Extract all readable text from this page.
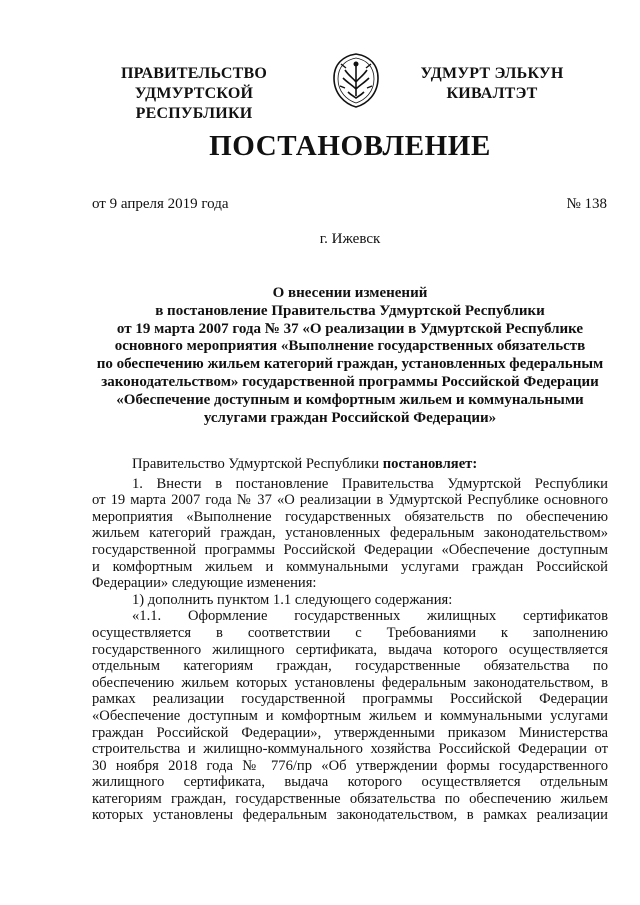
ПРАВИТЕЛЬСТВО
УДМУРТСКОЙ РЕСПУБЛИКИ
УДМУРТ ЭЛЬКУН
КИВАЛТЭТ
ПОСТАНОВЛЕНИЕ
от 9 апреля 2019 года	№ 138
г. Ижевск
О внесении изменений
в постановление Правительства Удмуртской Республики
от 19 марта 2007 года № 37 «О реализации в Удмуртской Республике
основного мероприятия «Выполнение государственных обязательств
по обеспечению жильем категорий граждан, установленных федеральным
законодательством» государственной программы Российской Федерации
«Обеспечение доступным и комфортным жильем и коммунальными
услугами граждан Российской Федерации»

Правительство Удмуртской Республики постановляет:

1. Внести в постановление Правительства Удмуртской Республики

от 19 марта 2007 года № 37 «О реализации в Удмуртской Республике основного

мероприятия «Выполнение государственных обязательств по обеспечению

жильем категорий граждан, установленных федеральным законодательством»

государственной программы Российской Федерации «Обеспечение доступным

и комфортным жильем и коммунальными услугами граждан Российской

Федерации» следующие изменения:

1) дополнить пунктом 1.1 следующего содержания:

«1.1. Оформление государственных жилищных сертификатов

осуществляется в соответствии с Требованиями к заполнению

государственного жилищного сертификата, выдача которого осуществляется

отдельным категориям граждан, государственные обязательства по

обеспечению жильем которых установлены федеральным законодательством, в

рамках реализации государственной программы Российской Федерации

«Обеспечение доступным и комфортным жильем и коммунальными услугами

граждан Российской Федерации», утвержденными приказом Министерства

строительства и жилищно-коммунального хозяйства Российской Федерации от

30 ноября 2018 года № 776/пр «Об утверждении формы государственного

жилищного сертификата, выдача которого осуществляется отдельным

категориям граждан, государственные обязательства по обеспечению жильем

которых установлены федеральным законодательством, в рамках реализации
